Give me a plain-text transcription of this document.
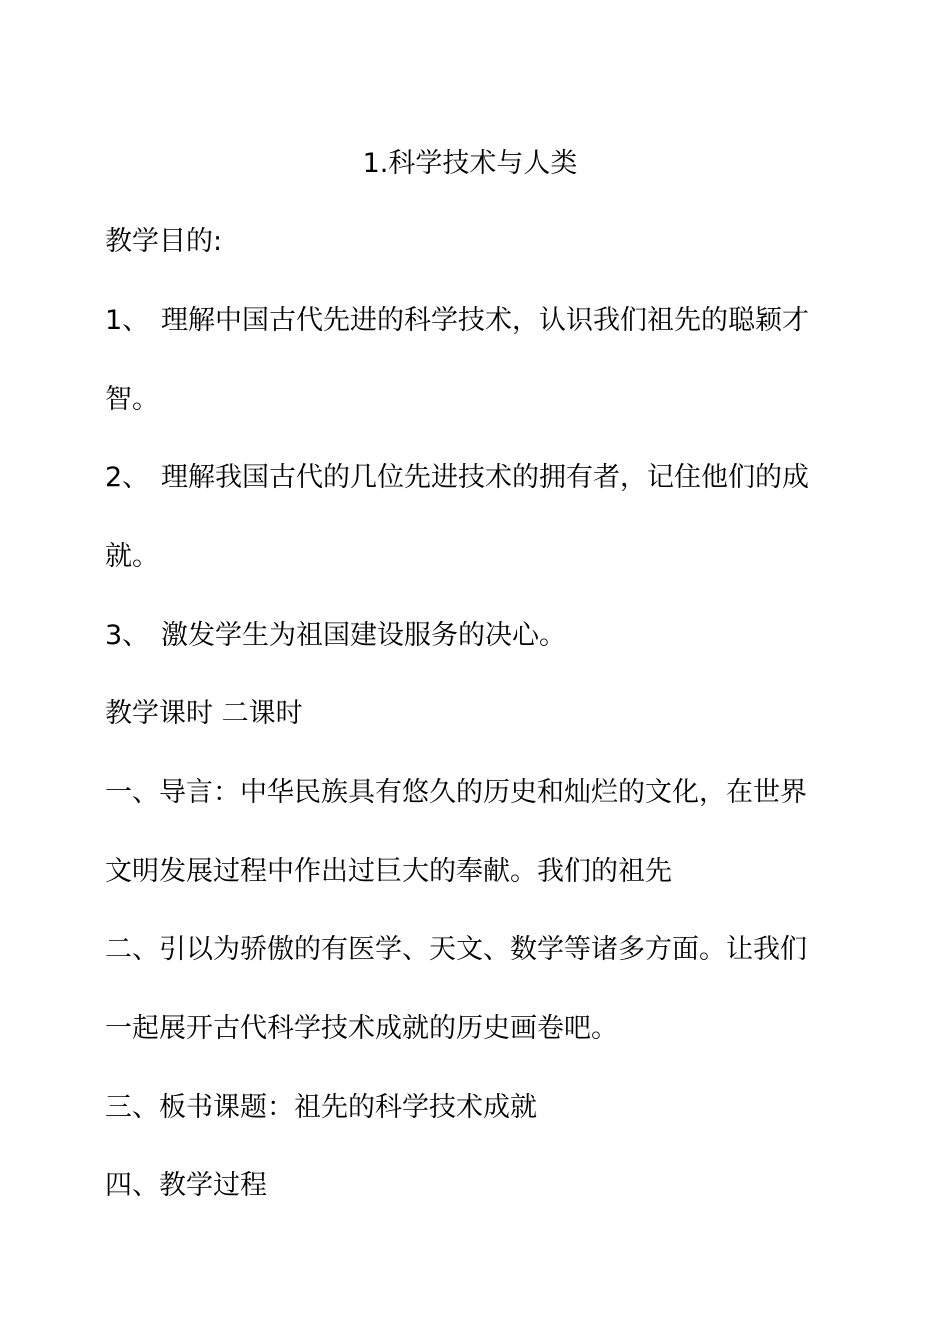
1.科学技术与人类
教学目的:
1、 理解中国古代先进的科学技术，认识我们祖先的聪颖才
智。
2、 理解我国古代的几位先进技术的拥有者，记住他们的成
就。
3、 激发学生为祖国建设服务的决心。
教学课时 二课时
一、导言：中华民族具有悠久的历史和灿烂的文化，在世界
文明发展过程中作出过巨大的奉献。我们的祖先
二、引以为骄傲的有医学、天文、数学等诸多方面。让我们
一起展开古代科学技术成就的历史画卷吧。
三、板书课题：祖先的科学技术成就
四、教学过程
